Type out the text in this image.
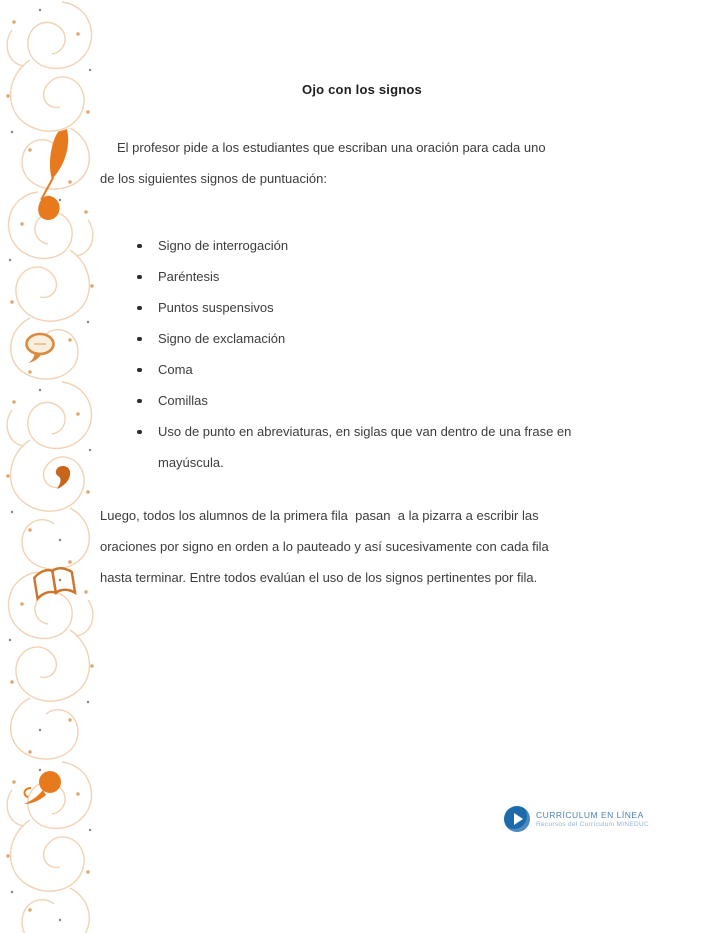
Ojo con los signos
El profesor pide a los estudiantes que escriban una oración para cada uno
de los siguientes signos de puntuación:
Signo de interrogación
Paréntesis
Puntos suspensivos
Signo de exclamación
Coma
Comillas
Uso de punto en abreviaturas, en siglas que van dentro de una frase en mayúscula.
Luego, todos los alumnos de la primera fila  pasan  a la pizarra a escribir las
oraciones por signo en orden a lo pauteado y así sucesivamente con cada fila
hasta terminar. Entre todos evalúan el uso de los signos pertinentes por fila.
CURRÍCULUM EN LÍNEA
Recursos del Currículum MINEDUC
